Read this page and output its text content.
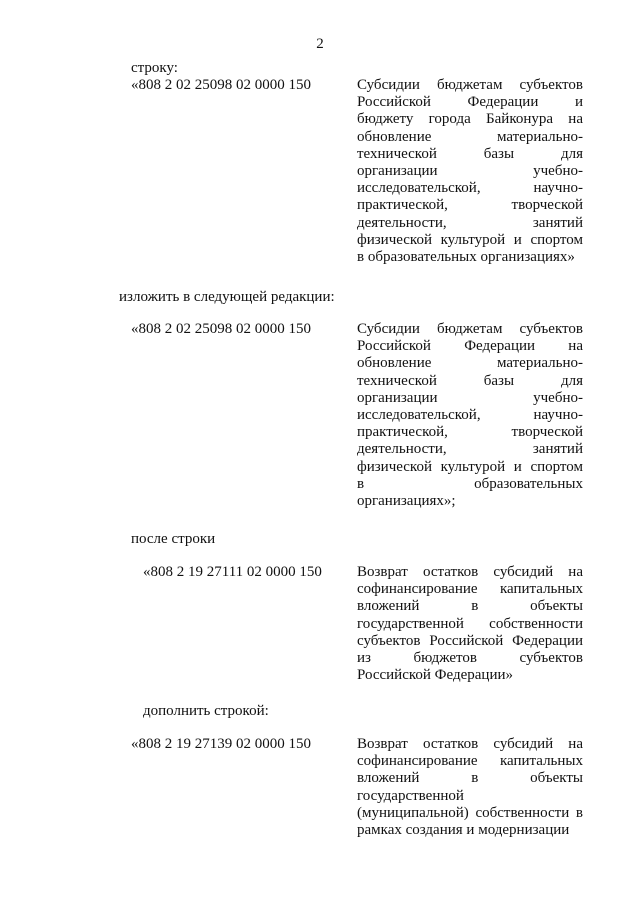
2
строку:
«808 2 02 25098 02 0000 150	Субсидии бюджетам субъектов
Российской Федерации и
бюджету города Байконура на
обновление материально-
технической базы для
организации учебно-
исследовательской, научно-
практической, творческой
деятельности, занятий
физической культурой и спортом
в образовательных организациях»
изложить в следующей редакции:
«808 2 02 25098 02 0000 150	Субсидии бюджетам субъектов
Российской Федерации на
обновление материально-
технической базы для
организации учебно-
исследовательской, научно-
практической, творческой
деятельности, занятий
физической культурой и спортом
в образовательных
организациях»;
после строки
«808 2 19 27111 02 0000 150 Возврат остатков субсидий на
софинансирование капитальных
вложений в объекты
государственной собственности
субъектов Российской Федерации
из бюджетов субъектов
Российской Федерации»
дополнить строкой:
«808 2 19 27139 02 0000 150	Возврат остатков субсидий на
софинансирование капитальных
вложений в объекты
государственной
(муниципальной) собственности в
рамках создания и модернизации
